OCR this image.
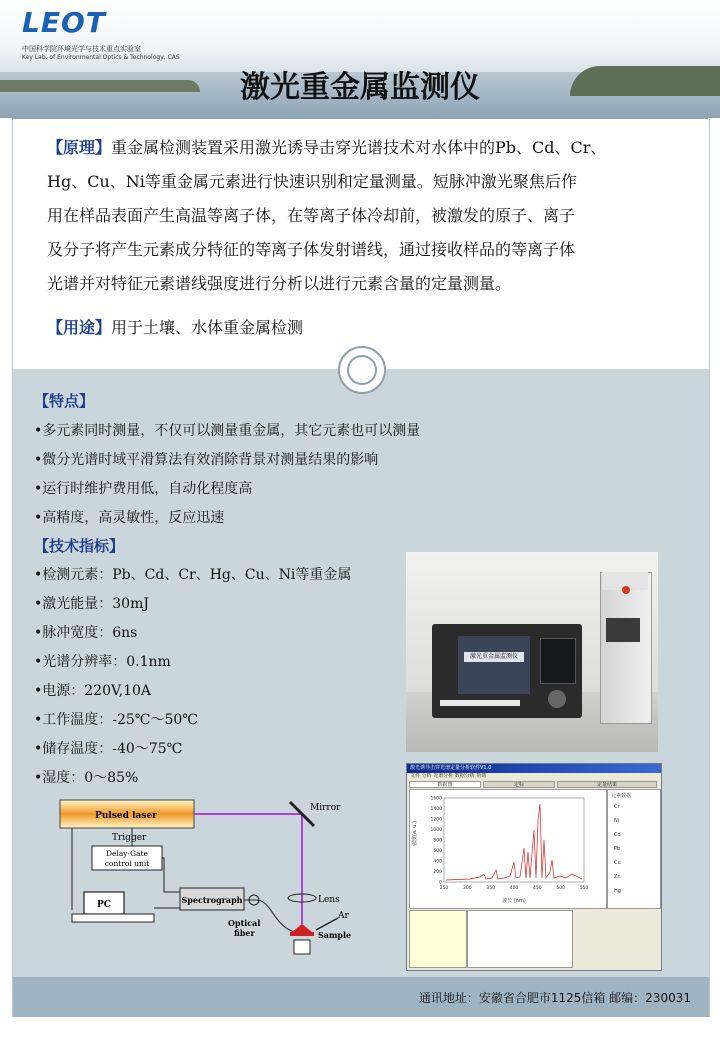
LEOT
中国科学院环境光学与技术重点实验室
Key Lab. of Environmental Optics & Technology, CAS
激光重金属监测仪
【原理】重金属检测装置采用激光诱导击穿光谱技术对水体中的Pb、Cd、Cr、
Hg、Cu、Ni等重金属元素进行快速识别和定量测量。短脉冲激光聚焦后作
用在样品表面产生高温等离子体，在等离子体冷却前，被激发的原子、离子
及分子将产生元素成分特征的等离子体发射谱线，通过接收样品的等离子体
光谱并对特征元素谱线强度进行分析以进行元素含量的定量测量。
【用途】用于土壤、水体重金属检测
【特点】
•多元素同时测量，不仅可以测量重金属，其它元素也可以测量
•微分光谱时域平滑算法有效消除背景对测量结果的影响
•运行时维护费用低，自动化程度高
•高精度，高灵敏性，反应迅速
【技术指标】
•检测元素：Pb、Cd、Cr、Hg、Cu、Ni等重金属
•激光能量：30mJ
•脉冲宽度：6ns
•光谱分辨率：0.1nm
•电源：220V,10A
•工作温度：-25℃～50℃
•储存温度：-40～75℃
•湿度：0～85%
激光重金属监测仪
激光诱导击穿光谱定量分析软件V1.0
文件 分析 光谱分析 数据分析 帮助
数据图	定标	定量结果
强度(a. u.)
1600
1400
1200
1000
800
600
400
200
0
250	300	350	400	450	500	550
波长 (nm)
元素数据
Cr
Ni
Cd
Pb
Cu
Zn
Hg
Pulsed laser
Mirror
Trigger
Delay-Gate
control unit
PC	Spectrograph
Optical
fiber
Lens
Ar
Sample
通讯地址：安徽省合肥市1125信箱 邮编：230031
